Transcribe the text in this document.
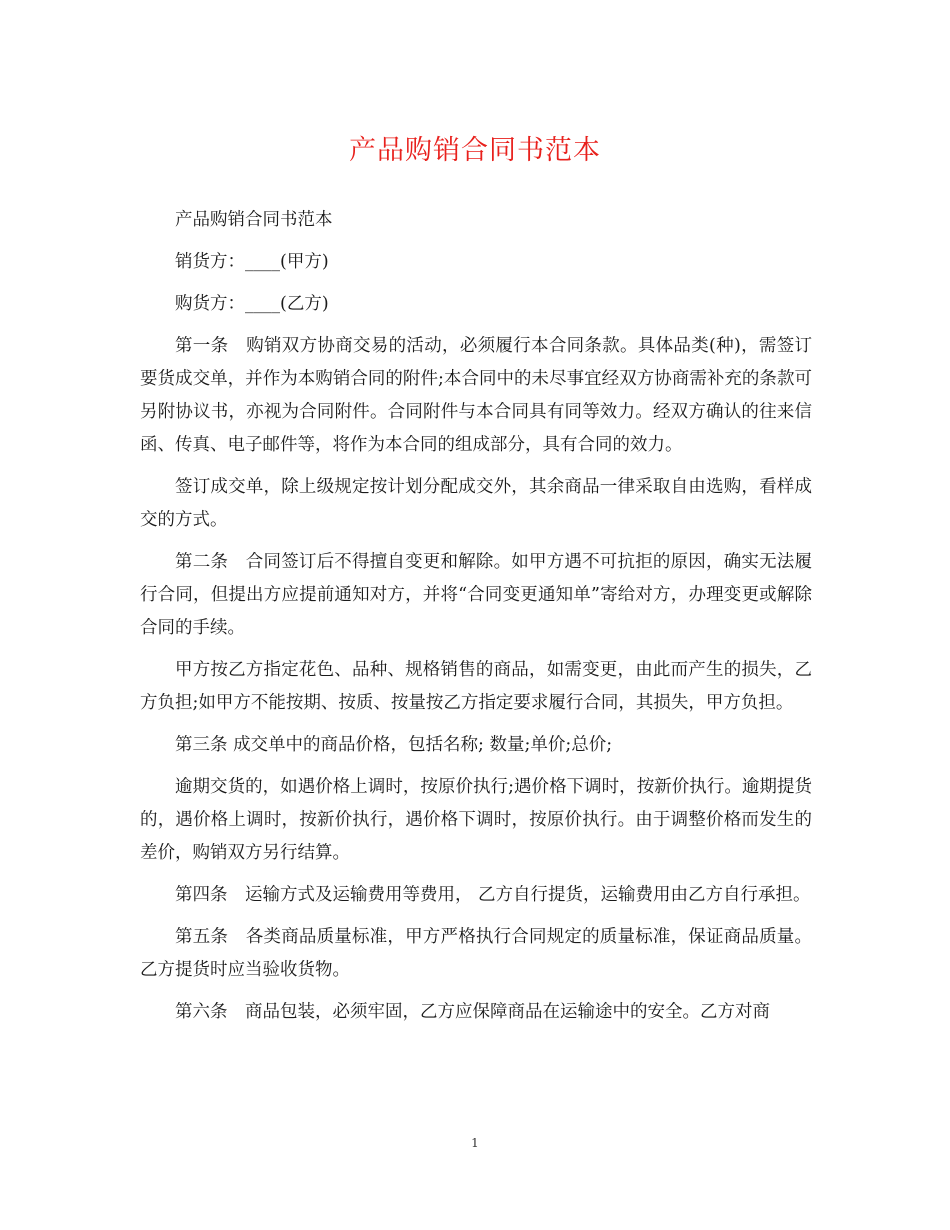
产品购销合同书范本

产品购销合同书范本

销货方：____(甲方)

购货方：____(乙方)

第一条　购销双方协商交易的活动，必须履行本合同条款。具体品类(种)，需签订要货成交单，并作为本购销合同的附件;本合同中的未尽事宜经双方协商需补充的条款可另附协议书，亦视为合同附件。合同附件与本合同具有同等效力。经双方确认的往来信函、传真、电子邮件等，将作为本合同的组成部分，具有合同的效力。

签订成交单，除上级规定按计划分配成交外，其余商品一律采取自由选购，看样成交的方式。

第二条　合同签订后不得擅自变更和解除。如甲方遇不可抗拒的原因，确实无法履行合同，但提出方应提前通知对方，并将“合同变更通知单”寄给对方，办理变更或解除合同的手续。

甲方按乙方指定花色、品种、规格销售的商品，如需变更，由此而产生的损失，乙方负担;如甲方不能按期、按质、按量按乙方指定要求履行合同，其损失，甲方负担。

第三条 成交单中的商品价格，包括名称; 数量;单价;总价;

逾期交货的，如遇价格上调时，按原价执行;遇价格下调时，按新价执行。逾期提货的，遇价格上调时，按新价执行，遇价格下调时，按原价执行。由于调整价格而发生的差价，购销双方另行结算。

第四条　运输方式及运输费用等费用， 乙方自行提货，运输费用由乙方自行承担。

第五条　各类商品质量标准，甲方严格执行合同规定的质量标准，保证商品质量。乙方提货时应当验收货物。

第六条　商品包装，必须牢固，乙方应保障商品在运输途中的安全。乙方对商

1
